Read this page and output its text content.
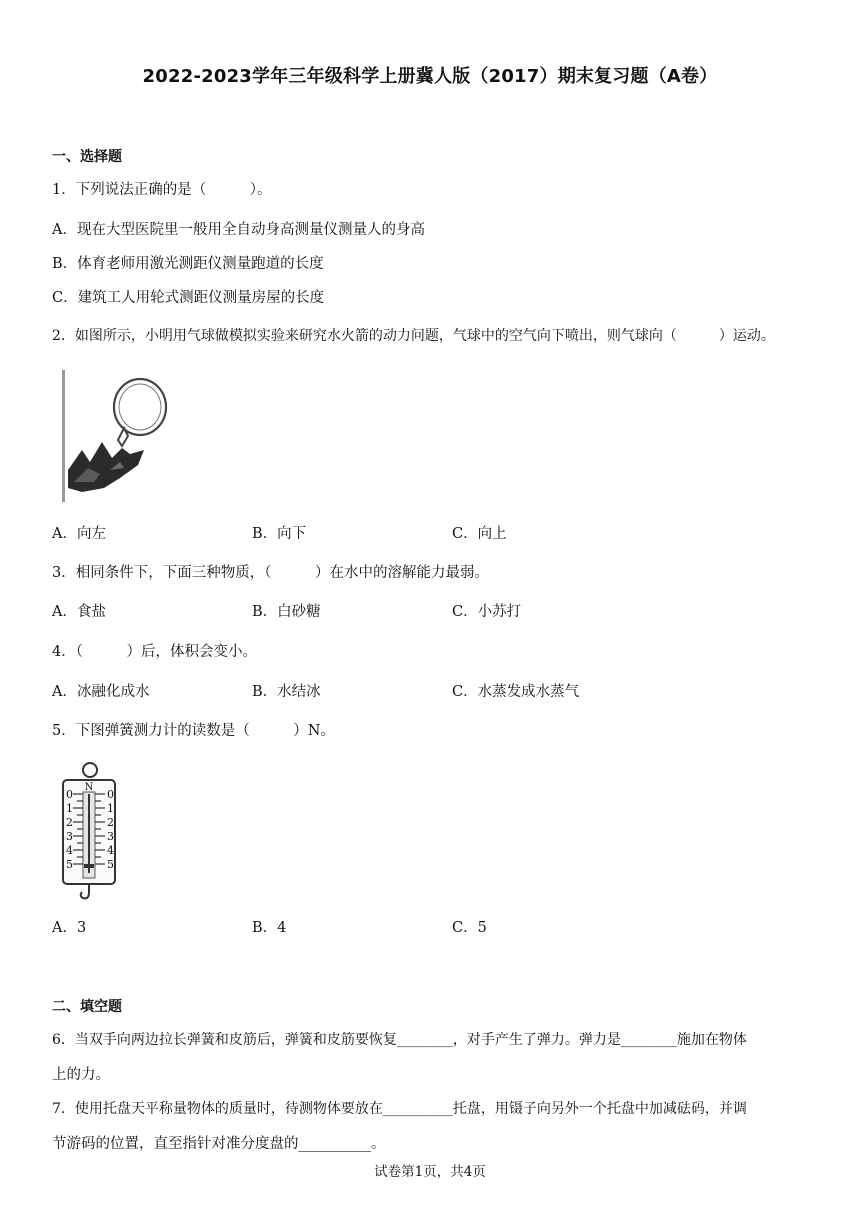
2022-2023学年三年级科学上册冀人版（2017）期末复习题（A卷）
一、选择题
1．下列说法正确的是（　　　）。
A．现在大型医院里一般用全自动身高测量仪测量人的身高
B．体育老师用激光测距仪测量跑道的长度
C．建筑工人用轮式测距仪测量房屋的长度
2．如图所示，小明用气球做模拟实验来研究水火箭的动力问题，气球中的空气向下喷出，则气球向（　　　）运动。
A．向左	B．向下	C．向上
3．相同条件下，下面三种物质，（　　　）在水中的溶解能力最弱。
A．食盐	B．白砂糖	C．小苏打
4．（　　　）后，体积会变小。
A．冰融化成水	B．水结冰	C．水蒸发成水蒸气
5．下图弹簧测力计的读数是（　　　）N。
N
0
1
2
3
4
5
0
1
2
3
4
5
A．3	B．4	C．5
二、填空题
6．当双手向两边拉长弹簧和皮筋后，弹簧和皮筋要恢复________，对手产生了弹力。弹力是________施加在物体
上的力。
7．使用托盘天平称量物体的质量时，待测物体要放在__________托盘，用镊子向另外一个托盘中加减砝码，并调
节游码的位置，直至指针对准分度盘的__________。
试卷第1页，共4页
